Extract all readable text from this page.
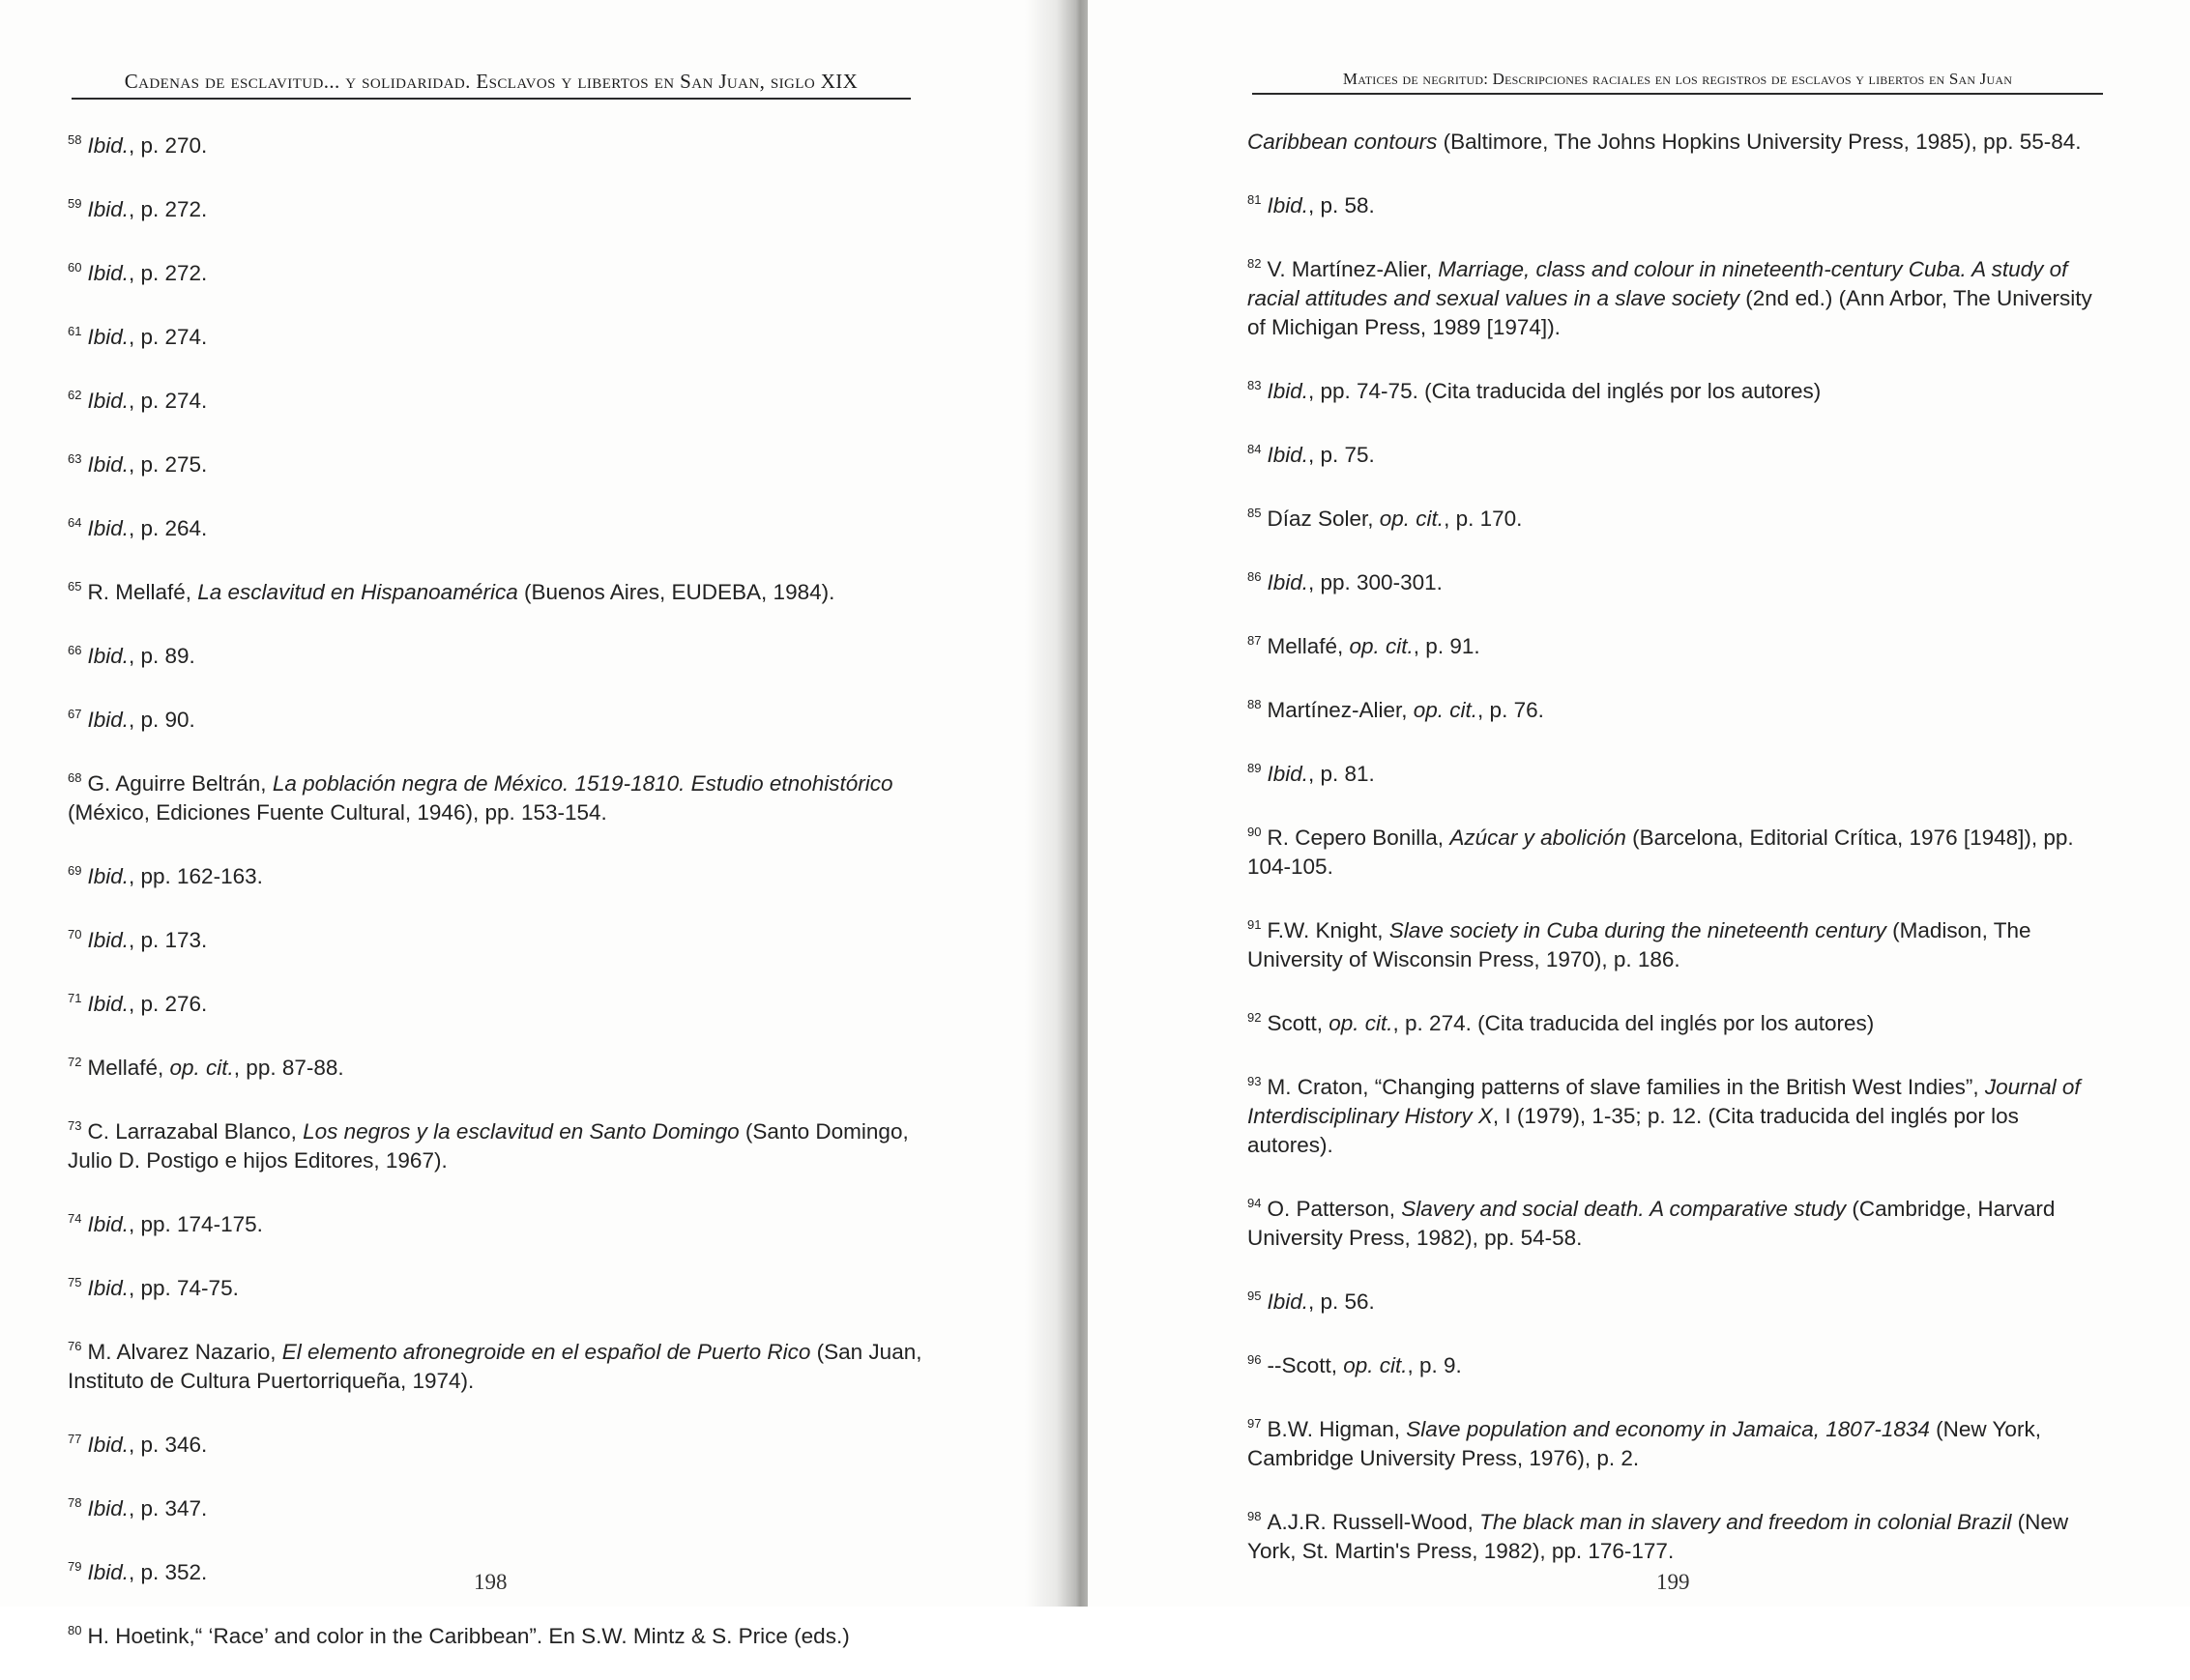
Cadenas de esclavitud... y solidaridad. Esclavos y libertos en San Juan, siglo XIX
$^{58}$ Ibid., p. 270.
$^{59}$ Ibid., p. 272.
$^{60}$ Ibid., p. 272.
$^{61}$ Ibid., p. 274.
$^{62}$ Ibid., p. 274.
$^{63}$ Ibid., p. 275.
$^{64}$ Ibid., p. 264.
$^{65}$ R. Mellafé, La esclavitud en Hispanoamérica (Buenos Aires, EUDEBA, 1984).
$^{66}$ Ibid., p. 89.
$^{67}$ Ibid., p. 90.
$^{68}$ G. Aguirre Beltrán, La población negra de México. 1519-1810. Estudio etnohistórico (México, Ediciones Fuente Cultural, 1946), pp. 153-154.
$^{69}$ Ibid., pp. 162-163.
$^{70}$ Ibid., p. 173.
$^{71}$ Ibid., p. 276.
$^{72}$ Mellafé, op. cit., pp. 87-88.
$^{73}$ C. Larrazabal Blanco, Los negros y la esclavitud en Santo Domingo (Santo Domingo, Julio D. Postigo e hijos Editores, 1967).
$^{74}$ Ibid., pp. 174-175.
$^{75}$ Ibid., pp. 74-75.
$^{76}$ M. Alvarez Nazario, El elemento afronegroide en el español de Puerto Rico (San Juan, Instituto de Cultura Puertorriqueña, 1974).
$^{77}$ Ibid., p. 346.
$^{78}$ Ibid., p. 347.
$^{79}$ Ibid., p. 352.
$^{80}$ H. Hoetink,“ ‘Race’ and color in the Caribbean”. En S.W. Mintz & S. Price (eds.)
198
Matices de negritud: Descripciones raciales en los registros de esclavos y libertos en San Juan
Caribbean contours (Baltimore, The Johns Hopkins University Press, 1985), pp. 55-84.
$^{81}$ Ibid., p. 58.
$^{82}$ V. Martínez-Alier, Marriage, class and colour in nineteenth-century Cuba. A study of racial attitudes and sexual values in a slave society (2nd ed.) (Ann Arbor, The University of Michigan Press, 1989 [1974]).
$^{83}$ Ibid., pp. 74-75. (Cita traducida del inglés por los autores)
$^{84}$ Ibid., p. 75.
$^{85}$ Díaz Soler, op. cit., p. 170.
$^{86}$ Ibid., pp. 300-301.
$^{87}$ Mellafé, op. cit., p. 91.
$^{88}$ Martínez-Alier, op. cit., p. 76.
$^{89}$ Ibid., p. 81.
$^{90}$ R. Cepero Bonilla, Azúcar y abolición (Barcelona, Editorial Crítica, 1976 [1948]), pp. 104-105.
$^{91}$ F.W. Knight, Slave society in Cuba during the nineteenth century (Madison, The University of Wisconsin Press, 1970), p. 186.
$^{92}$ Scott, op. cit., p. 274. (Cita traducida del inglés por los autores)
$^{93}$ M. Craton, “Changing patterns of slave families in the British West Indies”, Journal of Interdisciplinary History X, I (1979), 1-35; p. 12. (Cita traducida del inglés por los autores).
$^{94}$ O. Patterson, Slavery and social death. A comparative study (Cambridge, Harvard University Press, 1982), pp. 54-58.
$^{95}$ Ibid., p. 56.
$^{96}$ --Scott, op. cit., p. 9.
$^{97}$ B.W. Higman, Slave population and economy in Jamaica, 1807-1834 (New York, Cambridge University Press, 1976), p. 2.
$^{98}$ A.J.R. Russell-Wood, The black man in slavery and freedom in colonial Brazil (New York, St. Martin's Press, 1982), pp. 176-177.
199
